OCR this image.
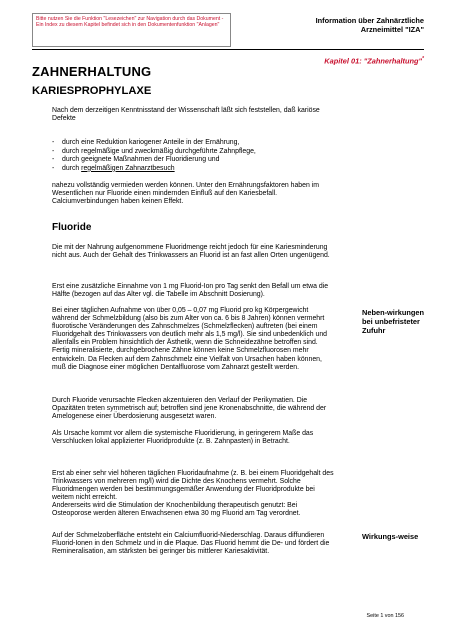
Bitte nutzen Sie die Funktion "Lesezeichen" zur Navigation durch das Dokument - Ein Index zu diesem Kapitel befindet sich in den Dokumentenfunktion "Anlagen"
Information über Zahnärztliche
Arzneimittel "IZA"
Kapitel 01: "Zahnerhaltung"*
ZAHNERHALTUNG
KARIESPROPHYLAXE
Nach dem derzeitigen Kenntnisstand der Wissenschaft läßt sich feststellen, daß kariöse Defekte
- durch eine Reduktion kariogener Anteile in der Ernährung,
- durch regelmäßige und zweckmäßig durchgeführte Zahnpflege,
- durch geeignete Maßnahmen der Fluoridierung und
- durch regelmäßigen Zahnarztbesuch
nahezu vollständig vermieden werden können. Unter den Ernährungsfaktoren haben im Wesentlichen nur Fluoride einen mindernden Einfluß auf den Kariesbefall. Calciumverbindungen haben keinen Effekt.
Fluoride
Die mit der Nahrung aufgenommene Fluoridmenge reicht jedoch für eine Kariesminderung nicht aus. Auch der Gehalt des Trinkwassers an Fluorid ist an fast allen Orten ungenügend.
Erst eine zusätzliche Einnahme von 1 mg Fluorid-Ion pro Tag senkt den Befall um etwa die Hälfte (bezogen auf das Alter vgl. die Tabelle im Abschnitt Dosierung).
Bei einer täglichen Aufnahme von über 0,05 – 0,07 mg Fluorid pro kg Körpergewicht während der Schmelzbildung (also bis zum Alter von ca. 6 bis 8 Jahren) können vermehrt fluorotische Veränderungen des Zahnschmelzes (Schmelzflecken) auftreten (bei einem Fluoridgehalt des Trinkwassers von deutlich mehr als 1,5 mg/l). Sie sind unbedenklich und allenfalls ein Problem hinsichtlich der Ästhetik, wenn die Schneidezähne betroffen sind. Fertig mineralisierte, durchgebrochene Zähne können keine Schmelzfluorosen mehr entwickeln. Da Flecken auf dem Zahnschmelz eine Vielfalt von Ursachen haben können, muß die Diagnose einer möglichen Dentalfluorose vom Zahnarzt gestellt werden.
Durch Fluoride verursachte Flecken akzentuieren den Verlauf der Perikymatien. Die Opazitäten treten symmetrisch auf; betroffen sind jene Kronenabschnitte, die während der Amelogenese einer Überdosierung ausgesetzt waren.
Als Ursache kommt vor allem die systemische Fluoridierung, in geringerem Maße das Verschlucken lokal applizierter Fluoridprodukte (z. B. Zahnpasten) in Betracht.
Erst ab einer sehr viel höheren täglichen Fluoridaufnahme (z. B. bei einem Fluoridgehalt des Trinkwassers von mehreren mg/l) wird die Dichte des Knochens vermehrt. Solche Fluoridmengen werden bei bestimmungsgemäßer Anwendung der Fluoridprodukte bei weitem nicht erreicht.
Andererseits wird die Stimulation der Knochenbildung therapeutisch genutzt: Bei Osteoporose werden älteren Erwachsenen etwa 30 mg Fluorid am Tag verordnet.
Auf der Schmelzoberfläche entsteht ein Calciumfluorid-Niederschlag. Daraus diffundieren Fluorid-Ionen in den Schmelz und in die Plaque. Das Fluorid hemmt die De- und fördert die Remineralisation, am stärksten bei geringer bis mittlerer Kariesaktivität.
Neben-wirkungen bei unbefristeter Zufuhr
Wirkungs-weise
Seite 1 von 156
